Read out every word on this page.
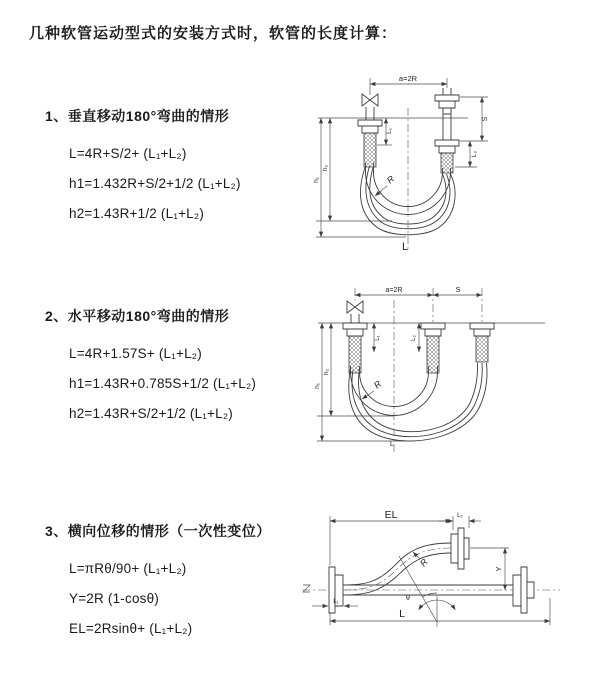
几种软管运动型式的安装方式时，软管的长度计算：
1、垂直移动180°弯曲的情形
L=4R+S/2+ (L₁+L₂)
h1=1.432R+S/2+1/2 (L₁+L₂)
h2=1.43R+1/2 (L₁+L₂)
2、水平移动180°弯曲的情形
L=4R+1.57S+ (L₁+L₂)
h1=1.43R+0.785S+1/2 (L₁+L₂)
h2=1.43R+S/2+1/2 (L₁+L₂)
3、横向位移的情形（一次性变位）
L=πRθ/90+ (L₁+L₂)
Y=2R (1-cosθ)
EL=2Rsinθ+ (L₁+L₂)
a=2R
L₁
S
L₂
h₁
h₂
R
L
a=2R	S
L₁	L₂
h₁
h₂
R
L
EL	L₂
Y
R
θ
L
L₁
